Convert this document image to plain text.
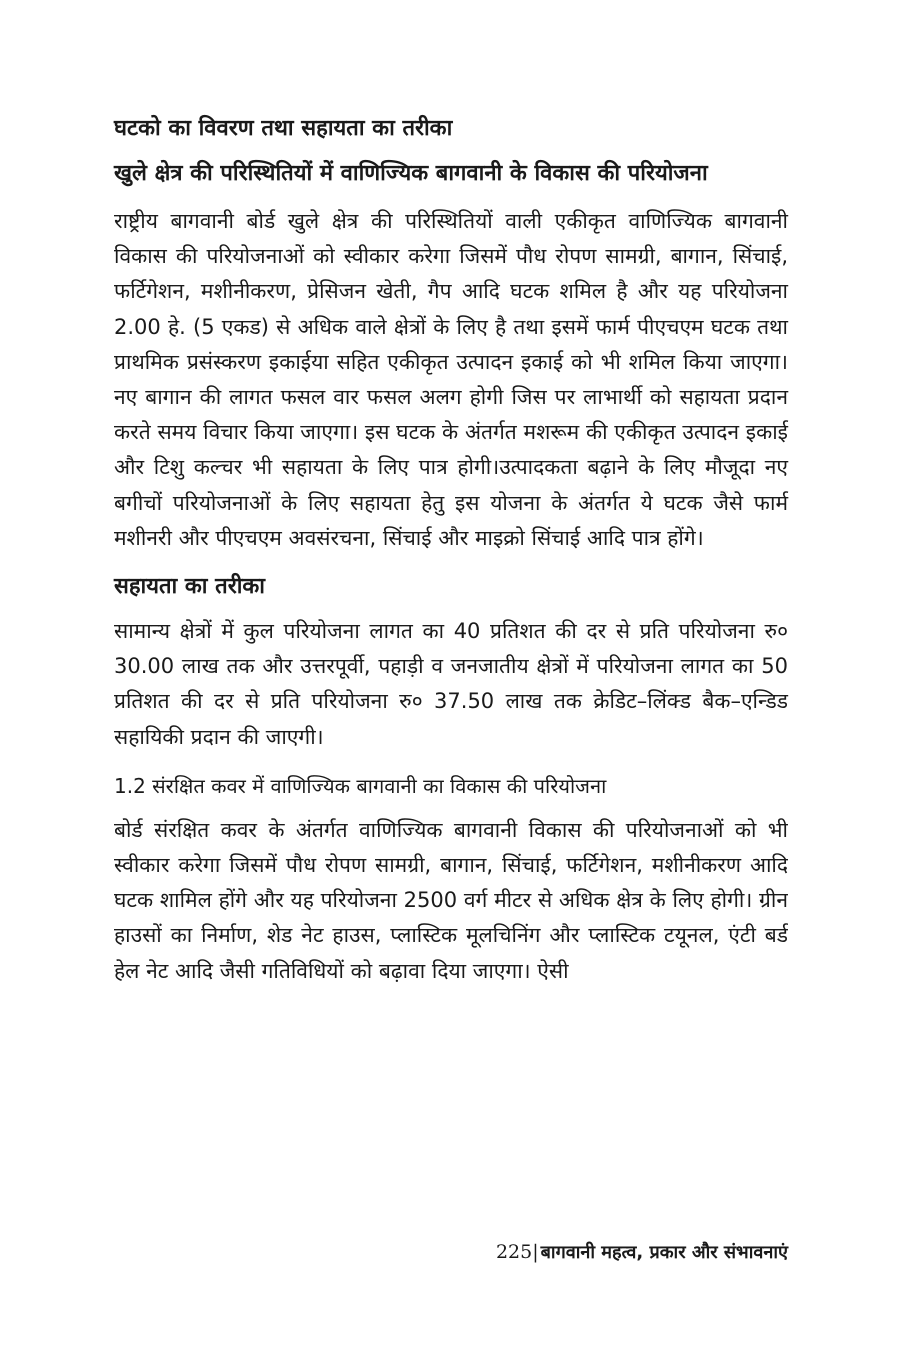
घटको का विवरण तथा सहायता का तरीका
खुले क्षेत्र की परिस्थितियों में वाणिज्यिक बागवानी के विकास की परियोजना

राष्ट्रीय बागवानी बोर्ड खुले क्षेत्र की परिस्थितियों वाली एकीकृत वाणिज्यिक बागवानी विकास की परियोजनाओं को स्वीकार करेगा जिसमें पौध रोपण सामग्री, बागान, सिंचाई, फर्टिगेशन, मशीनीकरण, प्रेसिजन खेती, गैप आदि घटक शमिल है और यह परियोजना 2.00 हे. (5 एकड) से अधिक वाले क्षेत्रों के लिए है तथा इसमें फार्म पीएचएम घटक तथा प्राथमिक प्रसंस्करण इकाईया सहित एकीकृत उत्पादन इकाई को भी शमिल किया जाएगा। नए बागान की लागत फसल वार फसल अलग होगी जिस पर लाभार्थी को सहायता प्रदान करते समय विचार किया जाएगा। इस घटक के अंतर्गत मशरूम की एकीकृत उत्पादन इकाई और टिशु कल्चर भी सहायता के लिए पात्र होगी।उत्पादकता बढ़ाने के लिए मौजूदा नए बगीचों परियोजनाओं के लिए सहायता हेतु इस योजना के अंतर्गत ये घटक जैसे फार्म मशीनरी और पीएचएम अवसंरचना, सिंचाई और माइक्रो सिंचाई आदि पात्र होंगे।

सहायता का तरीका

सामान्य क्षेत्रों में कुल परियोजना लागत का 40 प्रतिशत की दर से प्रति परियोजना रु० 30.00 लाख तक और उत्तरपूर्वी, पहाड़ी व जनजातीय क्षेत्रों में परियोजना लागत का 50 प्रतिशत की दर से प्रति परियोजना रु० 37.50 लाख तक क्रेडिट–लिंक्ड बैक–एन्डिड सहायिकी प्रदान की जाएगी।

1.2 संरक्षित कवर में वाणिज्यिक बागवानी का विकास की परियोजना

बोर्ड संरक्षित कवर के अंतर्गत वाणिज्यिक बागवानी विकास की परियोजनाओं को भी स्वीकार करेगा जिसमें पौध रोपण सामग्री, बागान, सिंचाई, फर्टिगेशन, मशीनीकरण आदि घटक शामिल होंगे और यह परियोजना 2500 वर्ग मीटर से अधिक क्षेत्र के लिए होगी। ग्रीन हाउसों का निर्माण, शेड नेट हाउस, प्लास्टिक मूलचिनिंग और प्लास्टिक टयूनल, एंटी बर्ड हेल नेट आदि जैसी गतिविधियों को बढ़ावा दिया जाएगा। ऐसी

225| बागवानी महत्व, प्रकार और संभावनाएं
